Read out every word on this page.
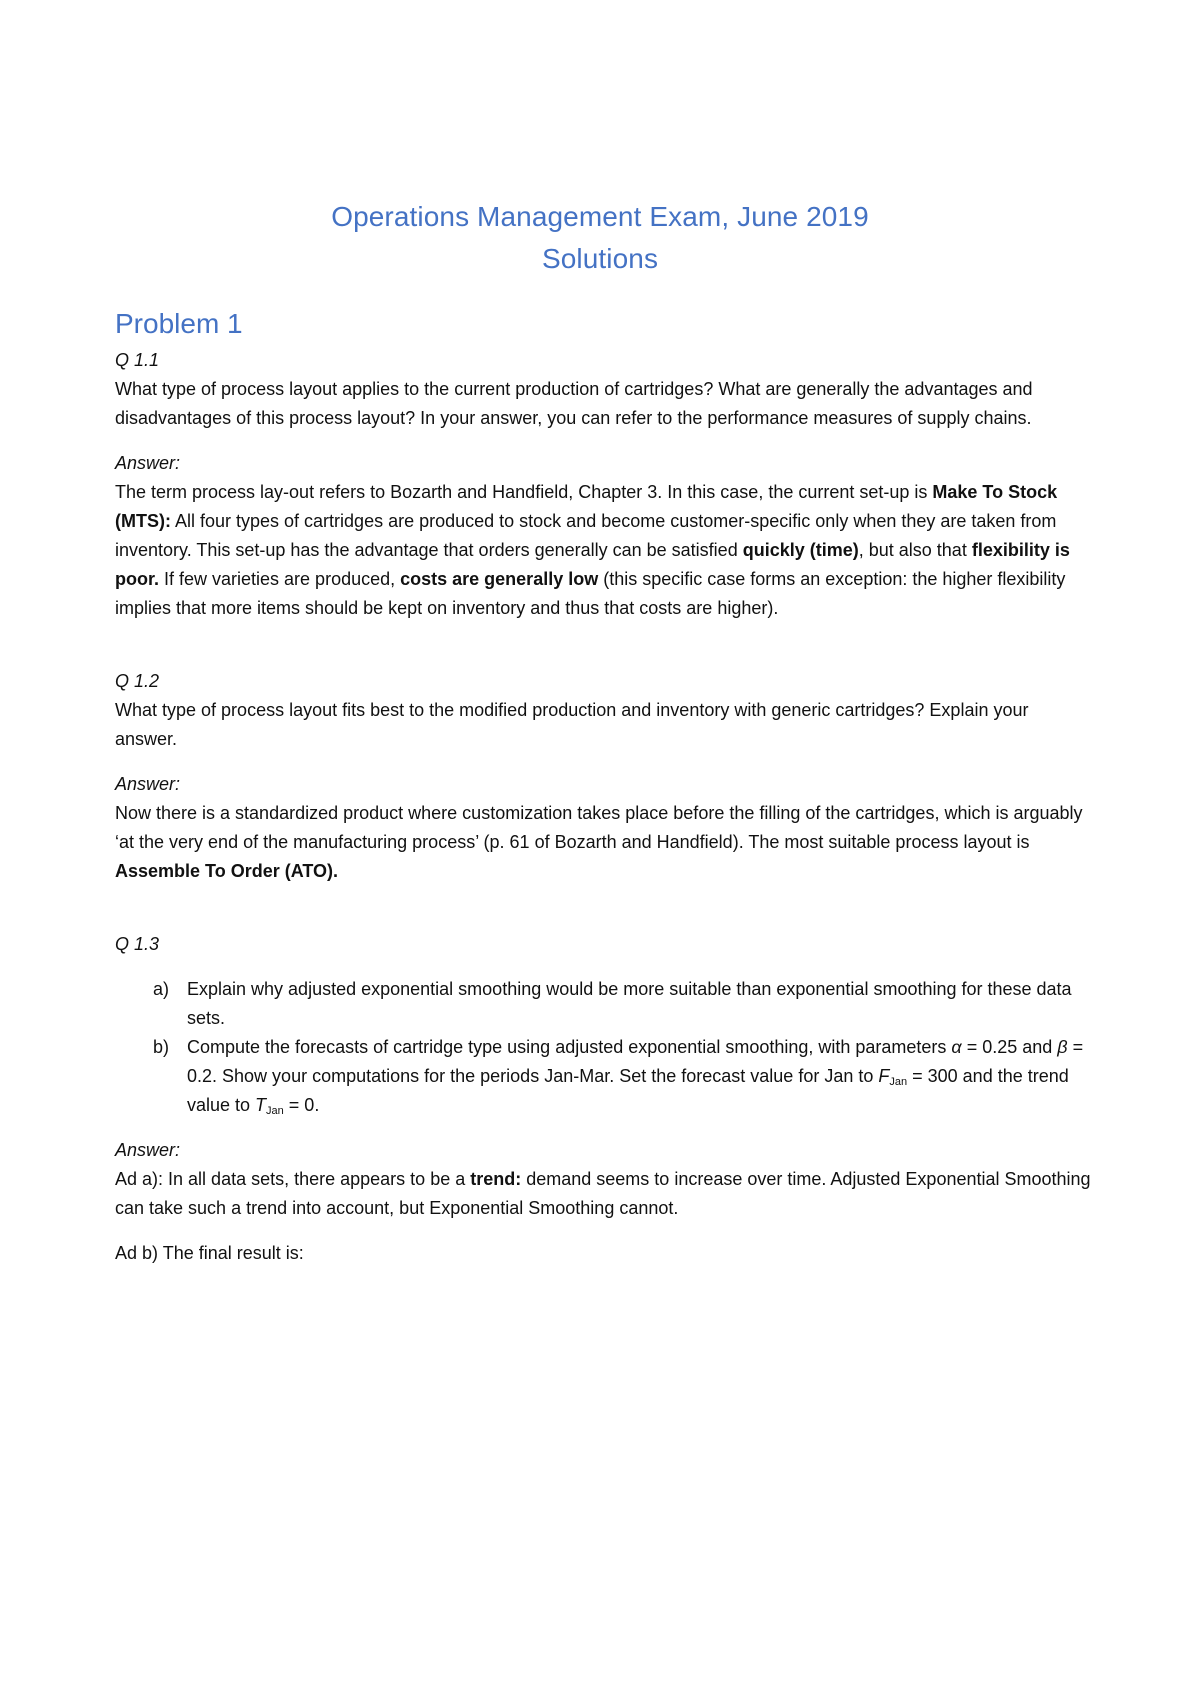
Operations Management Exam, June 2019
Solutions
Problem 1
Q 1.1

What type of process layout applies to the current production of cartridges? What are generally the advantages and disadvantages of this process layout? In your answer, you can refer to the performance measures of supply chains.

Answer:

The term process lay-out refers to Bozarth and Handfield, Chapter 3. In this case, the current set-up is Make To Stock (MTS): All four types of cartridges are produced to stock and become customer-specific only when they are taken from inventory. This set-up has the advantage that orders generally can be satisfied quickly (time), but also that flexibility is poor. If few varieties are produced, costs are generally low (this specific case forms an exception: the higher flexibility implies that more items should be kept on inventory and thus that costs are higher).

Q 1.2

What type of process layout fits best to the modified production and inventory with generic cartridges? Explain your answer.

Answer:

Now there is a standardized product where customization takes place before the filling of the cartridges, which is arguably ‘at the very end of the manufacturing process’ (p. 61 of Bozarth and Handfield). The most suitable process layout is Assemble To Order (ATO).

Q 1.3
a) Explain why adjusted exponential smoothing would be more suitable than exponential smoothing for these data sets.
b) Compute the forecasts of cartridge type using adjusted exponential smoothing, with parameters α = 0.25 and β = 0.2. Show your computations for the periods Jan-Mar. Set the forecast value for Jan to $F_{Jan} = 300$ and the trend value to $T_{Jan} = 0$.
Answer:

Ad a): In all data sets, there appears to be a trend: demand seems to increase over time. Adjusted Exponential Smoothing can take such a trend into account, but Exponential Smoothing cannot.

Ad b) The final result is:
